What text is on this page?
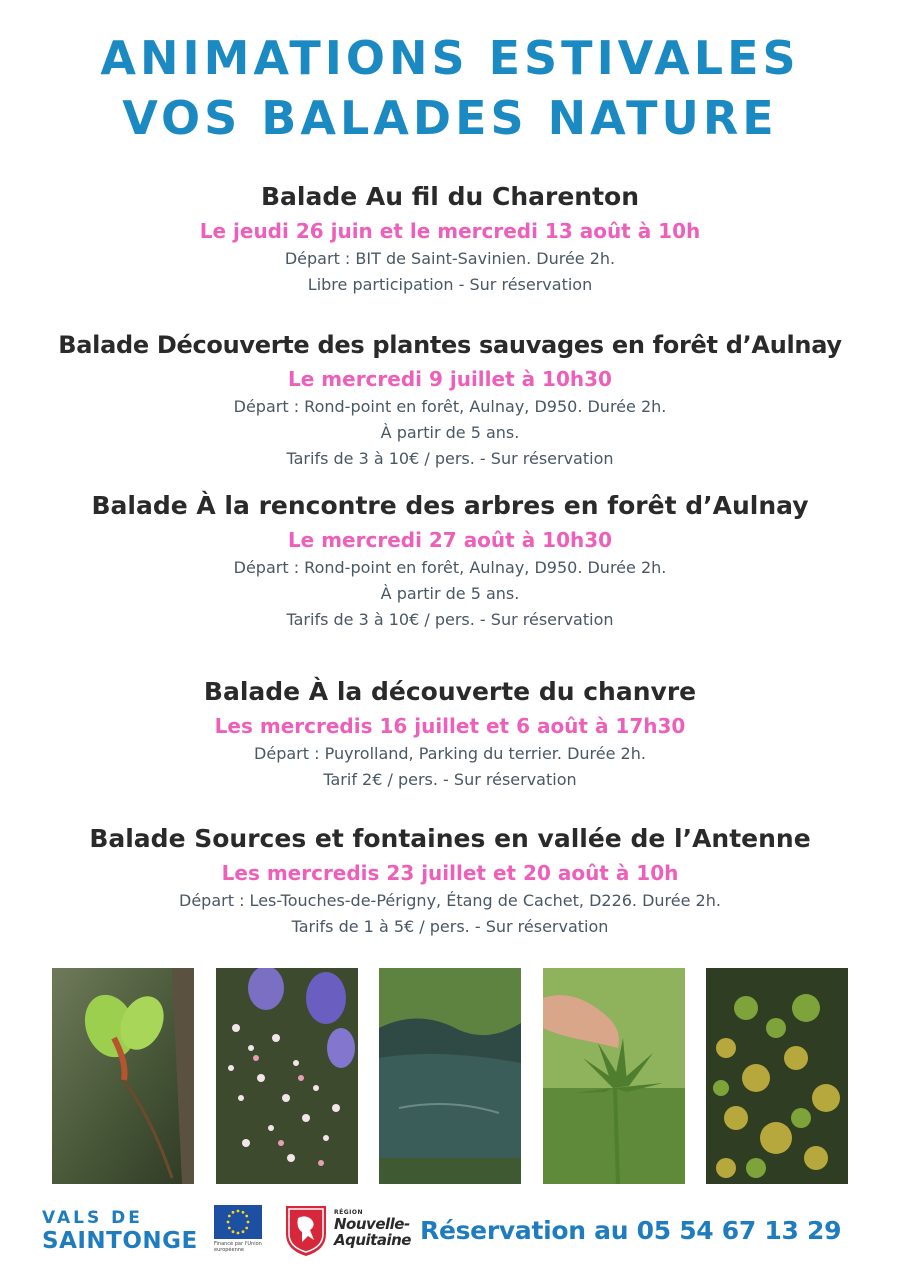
ANIMATIONS ESTIVALES
VOS BALADES NATURE
Balade Au fil du Charenton
Le jeudi 26 juin et le mercredi 13 août à 10h
Départ : BIT de Saint-Savinien. Durée 2h.
Libre participation - Sur réservation
Balade Découverte des plantes sauvages en forêt d’Aulnay
Le mercredi 9 juillet à 10h30
Départ : Rond-point en forêt, Aulnay, D950. Durée 2h.
À partir de 5 ans.
Tarifs de 3 à 10€ / pers. - Sur réservation
Balade À la rencontre des arbres en forêt d’Aulnay
Le mercredi 27 août à 10h30
Départ : Rond-point en forêt, Aulnay, D950. Durée 2h.
À partir de 5 ans.
Tarifs de 3 à 10€ / pers. - Sur réservation
Balade À la découverte du chanvre
Les mercredis 16 juillet et 6 août à 17h30
Départ : Puyrolland, Parking du terrier. Durée 2h.
Tarif 2€ / pers. - Sur réservation
Balade Sources et fontaines en vallée de l’Antenne
Les mercredis 23 juillet et 20 août à 10h
Départ : Les-Touches-de-Périgny, Étang de Cachet, D226. Durée 2h.
Tarifs de 1 à 5€ / pers. - Sur réservation
VALS DE
SAINTONGE	Financé par l'Union européenne
RÉGION
Nouvelle-
Aquitaine Réservation au 05 54 67 13 29
